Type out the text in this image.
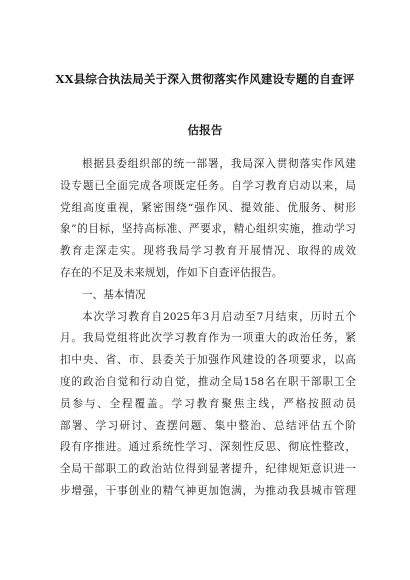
XX县综合执法局关于深入贯彻落实作风建设专题的自查评
估报告
根据县委组织部的统一部署，我局深入贯彻落实作风建
设专题已全面完成各项既定任务。自学习教育启动以来，局
党组高度重视，紧密围绕“强作风、提效能、优服务、树形
象”的目标，坚持高标准、严要求，精心组织实施，推动学习
教育走深走实。现将我局学习教育开展情况、取得的成效
存在的不足及未来规划，作如下自查评估报告。
一、基本情况
本次学习教育自2025年3月启动至7月结束，历时五个
月。我局党组将此次学习教育作为一项重大的政治任务，紧
扣中央、省、市、县委关于加强作风建设的各项要求，以高
度的政治自觉和行动自觉，推动全局158名在职干部职工全
员参与、全程覆盖。学习教育聚焦主线，严格按照动员
部署、学习研讨、查摆问题、集中整治、总结评估五个阶
段有序推进。通过系统性学习、深刻性反思、彻底性整改，
全局干部职工的政治站位得到显著提升，纪律规矩意识进一
步增强，干事创业的精气神更加饱满，为推动我县城市管理
